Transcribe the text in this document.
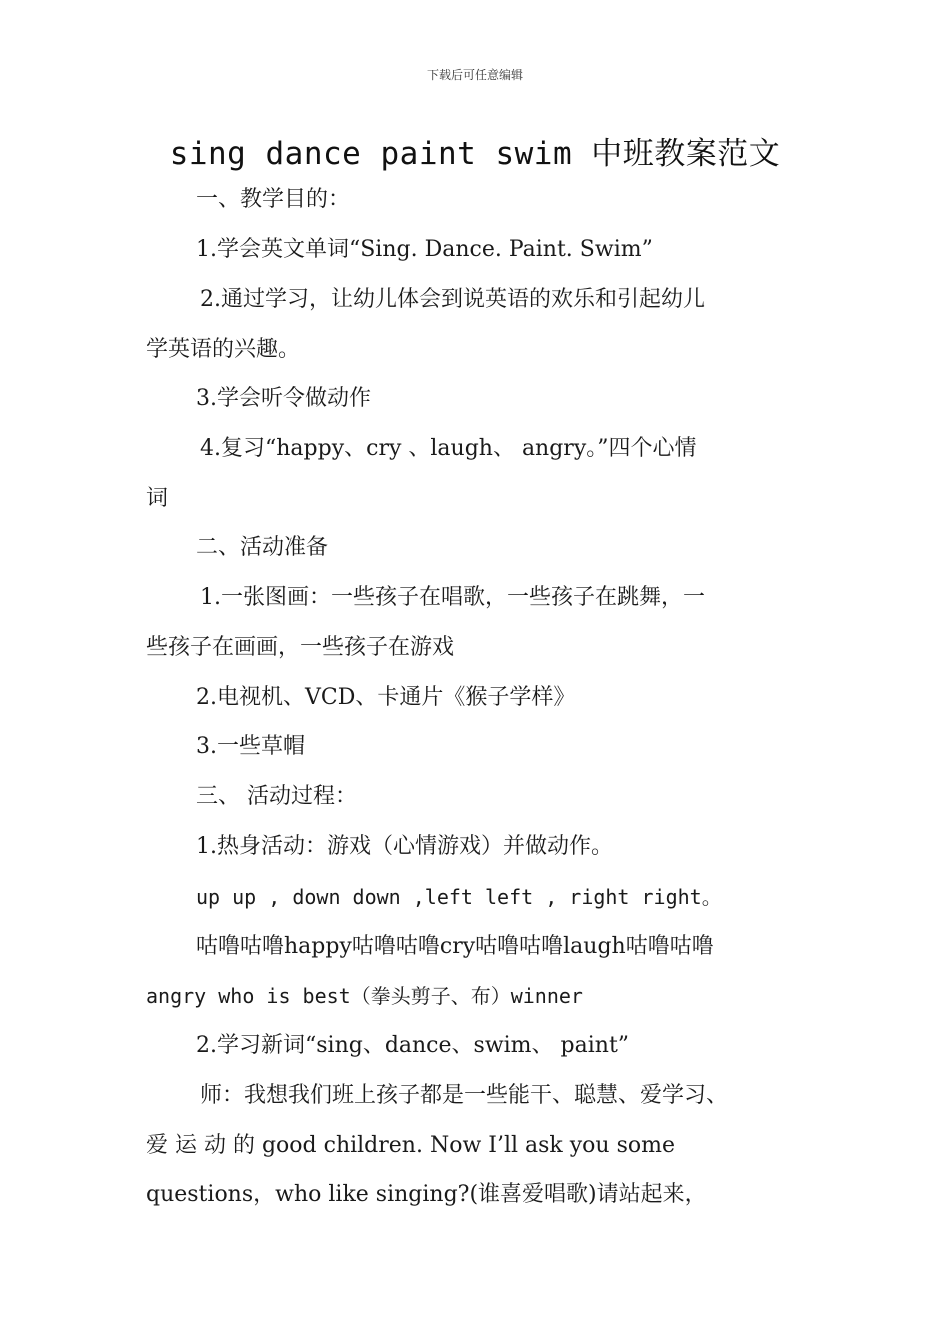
下载后可任意编辑
sing dance paint swim 中班教案范文
一、教学目的：
1.学会英文单词“Sing. Dance. Paint. Swim”
2.通过学习，让幼儿体会到说英语的欢乐和引起幼儿
学英语的兴趣。
3.学会听令做动作
4.复习“happy、cry 、laugh、 angry。”四个心情
词
二、活动准备
1.一张图画：一些孩子在唱歌，一些孩子在跳舞，一
些孩子在画画，一些孩子在游戏
2.电视机、VCD、卡通片《猴子学样》
3.一些草帽
三、 活动过程：
1.热身活动：游戏（心情游戏）并做动作。
up up , down down ,left left , right right。
咕噜咕噜happy咕噜咕噜cry咕噜咕噜laugh咕噜咕噜
angry who is best（拳头剪子、布）winner
2.学习新词“sing、dance、swim、 paint”
师：我想我们班上孩子都是一些能干、聪慧、爱学习、
爱 运 动 的 good children. Now I’ll ask you some
questions，who like singing?(谁喜爱唱歌)请站起来，
